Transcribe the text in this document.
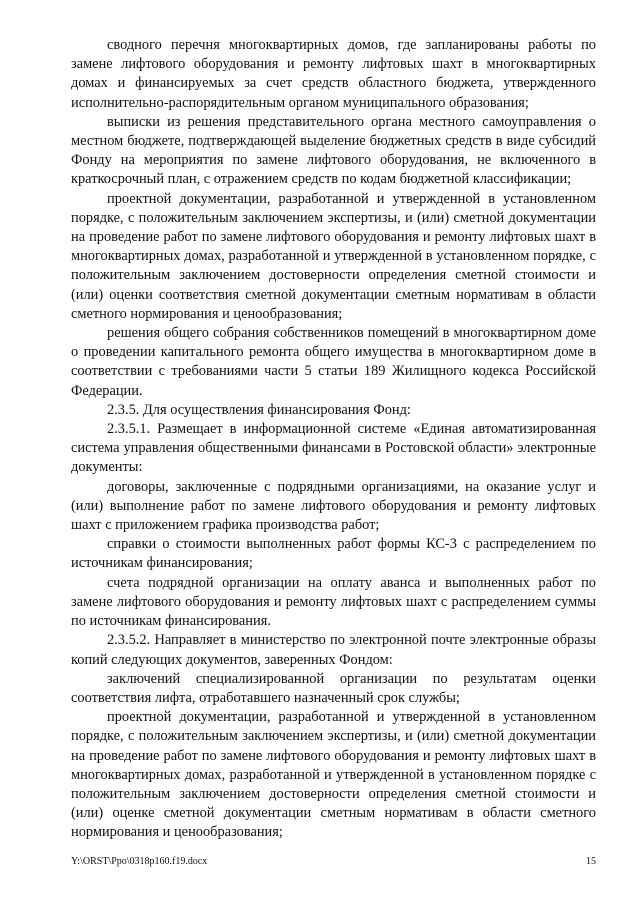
сводного перечня многоквартирных домов, где запланированы работы по замене лифтового оборудования и ремонту лифтовых шахт в многоквартирных домах и финансируемых за счет средств областного бюджета, утвержденного исполнительно-распорядительным органом муниципального образования;

выписки из решения представительного органа местного самоуправления о местном бюджете, подтверждающей выделение бюджетных средств в виде субсидий Фонду на мероприятия по замене лифтового оборудования, не включенного в краткосрочный план, с отражением средств по кодам бюджетной классификации;

проектной документации, разработанной и утвержденной в установленном порядке, с положительным заключением экспертизы, и (или) сметной документации на проведение работ по замене лифтового оборудования и ремонту лифтовых шахт в многоквартирных домах, разработанной и утвержденной в установленном порядке, с положительным заключением достоверности определения сметной стоимости и (или) оценки соответствия сметной документации сметным нормативам в области сметного нормирования и ценообразования;

решения общего собрания собственников помещений в многоквартирном доме о проведении капитального ремонта общего имущества в многоквартирном доме в соответствии с требованиями части 5 статьи 189 Жилищного кодекса Российской Федерации.

2.3.5. Для осуществления финансирования Фонд:

2.3.5.1. Размещает в информационной системе «Единая автоматизированная система управления общественными финансами в Ростовской области» электронные документы:

договоры, заключенные с подрядными организациями, на оказание услуг и (или) выполнение работ по замене лифтового оборудования и ремонту лифтовых шахт с приложением графика производства работ;

справки о стоимости выполненных работ формы КС-3 с распределением по источникам финансирования;

счета подрядной организации на оплату аванса и выполненных работ по замене лифтового оборудования и ремонту лифтовых шахт с распределением суммы по источникам финансирования.

2.3.5.2. Направляет в министерство по электронной почте электронные образы копий следующих документов, заверенных Фондом:

заключений специализированной организации по результатам оценки соответствия лифта, отработавшего назначенный срок службы;

проектной документации, разработанной и утвержденной в установленном порядке, с положительным заключением экспертизы, и (или) сметной документации на проведение работ по замене лифтового оборудования и ремонту лифтовых шахт в многоквартирных домах, разработанной и утвержденной в установленном порядке с положительным заключением достоверности определения сметной стоимости и (или) оценке сметной документации сметным нормативам в области сметного нормирования и ценообразования;

Y:\ORST\Ppo\0318p160.f19.docx	15
